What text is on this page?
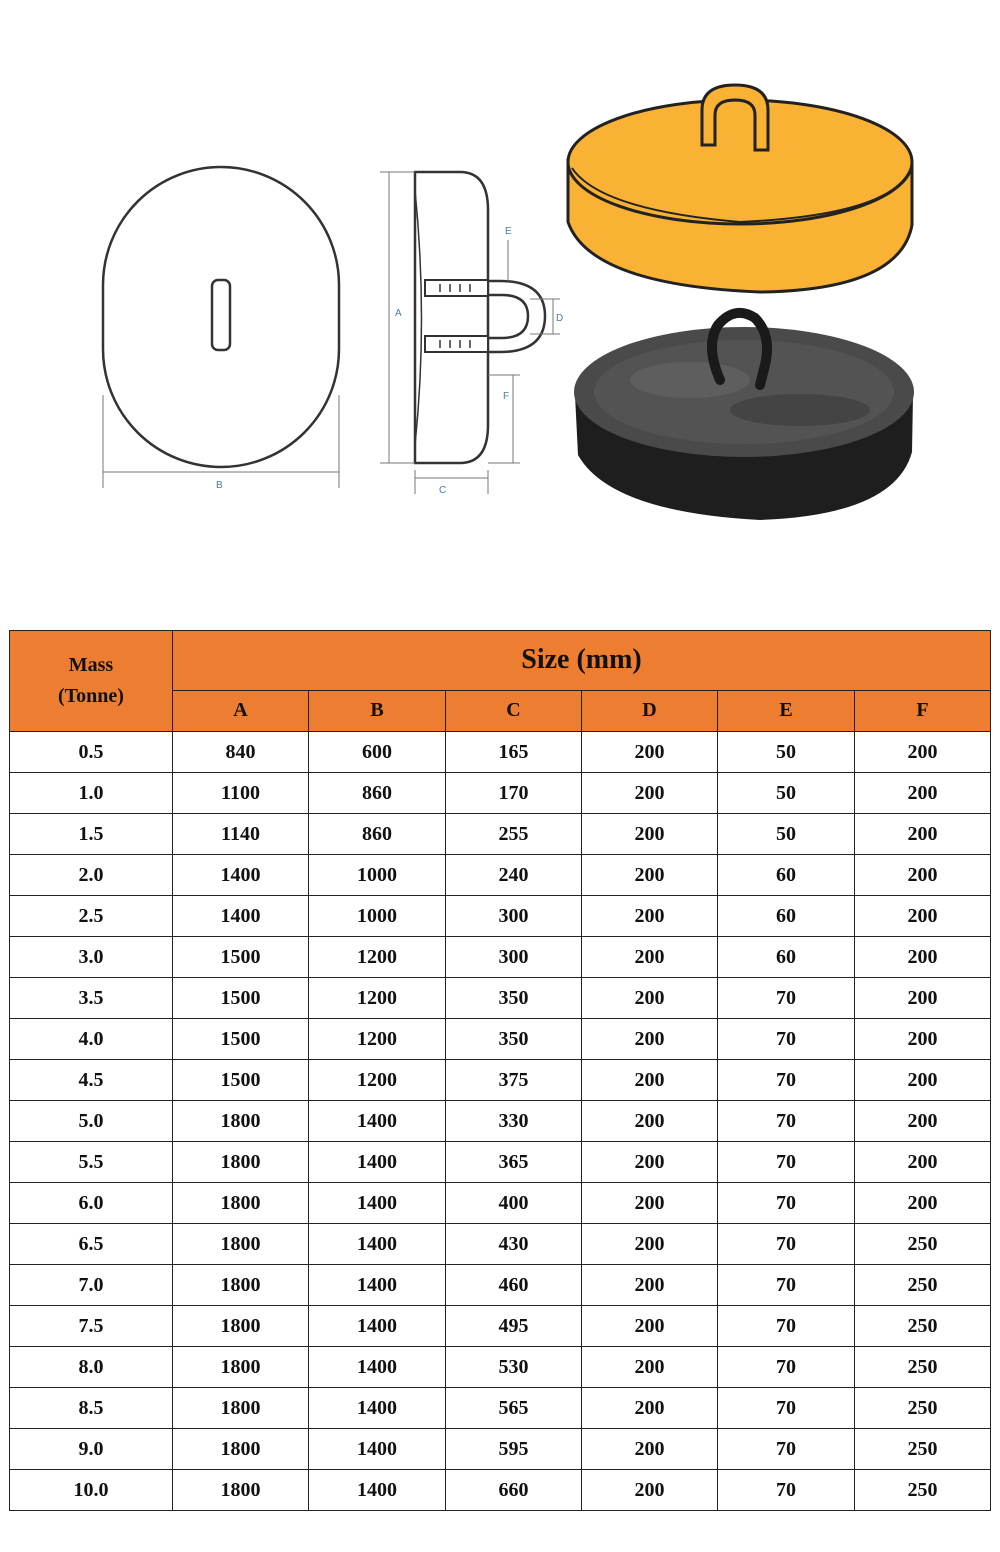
B
A
C
D
E
F
Mass
(Tonne)	Size (mm)					
	A	B	C	D	E	F
0.5	840	600	165	200	50	200
1.0	1100	860	170	200	50	200
1.5	1140	860	255	200	50	200
2.0	1400	1000	240	200	60	200
2.5	1400	1000	300	200	60	200
3.0	1500	1200	300	200	60	200
3.5	1500	1200	350	200	70	200
4.0	1500	1200	350	200	70	200
4.5	1500	1200	375	200	70	200
5.0	1800	1400	330	200	70	200
5.5	1800	1400	365	200	70	200
6.0	1800	1400	400	200	70	200
6.5	1800	1400	430	200	70	250
7.0	1800	1400	460	200	70	250
7.5	1800	1400	495	200	70	250
8.0	1800	1400	530	200	70	250
8.5	1800	1400	565	200	70	250
9.0	1800	1400	595	200	70	250
10.0	1800	1400	660	200	70	250
